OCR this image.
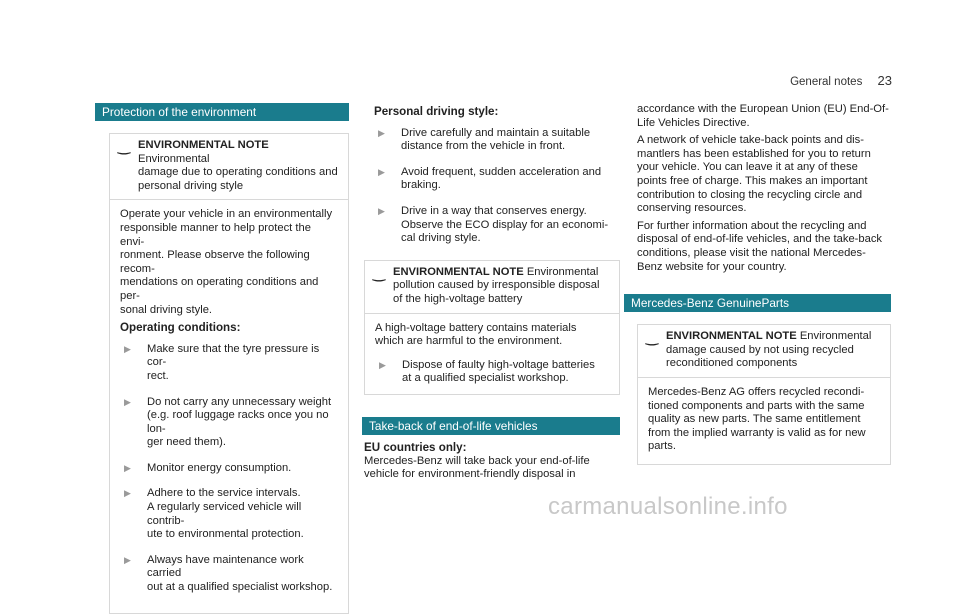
General notes 23
Protection of the environment
‿ ENVIRONMENTAL NOTE Environmental
damage due to operating conditions and
personal driving style

Operate your vehicle in an environmentally
responsible manner to help protect the envi-
ronment. Please observe the following recom-
mendations on operating conditions and per-
sonal driving style.

Operating conditions:
▶	Make sure that the tyre pressure is cor-
rect.
▶	Do not carry any unnecessary weight
(e.g. roof luggage racks once you no lon-
ger need them).
▶	Monitor energy consumption.
▶	Adhere to the service intervals.
A regularly serviced vehicle will contrib-
ute to environmental protection.
▶	Always have maintenance work carried
out at a qualified specialist workshop.
Personal driving style:
▶	Drive carefully and maintain a suitable
distance from the vehicle in front.
▶	Avoid frequent, sudden acceleration and
braking.
▶	Drive in a way that conserves energy.
Observe the ECO display for an economi-
cal driving style.
‿ ENVIRONMENTAL NOTE Environmental
pollution caused by irresponsible disposal
of the high-voltage battery

A high-voltage battery contains materials
which are harmful to the environment.

▶	Dispose of faulty high-voltage batteries
at a qualified specialist workshop.
Take-back of end-of-life vehicles
EU countries only:

Mercedes-Benz will take back your end-of-life
vehicle for environment-friendly disposal in

accordance with the European Union (EU) End-Of-
Life Vehicles Directive.

A network of vehicle take-back points and dis-
mantlers has been established for you to return
your vehicle. You can leave it at any of these
points free of charge. This makes an important
contribution to closing the recycling circle and
conserving resources.

For further information about the recycling and
disposal of end-of-life vehicles, and the take-back
conditions, please visit the national Mercedes-
Benz website for your country.

Mercedes-Benz GenuineParts
‿ ENVIRONMENTAL NOTE Environmental
damage caused by not using recycled
reconditioned components

Mercedes-Benz AG offers recycled recondi-
tioned components and parts with the same
quality as new parts. The same entitlement
from the implied warranty is valid as for new
parts.

carmanualsonline.info
